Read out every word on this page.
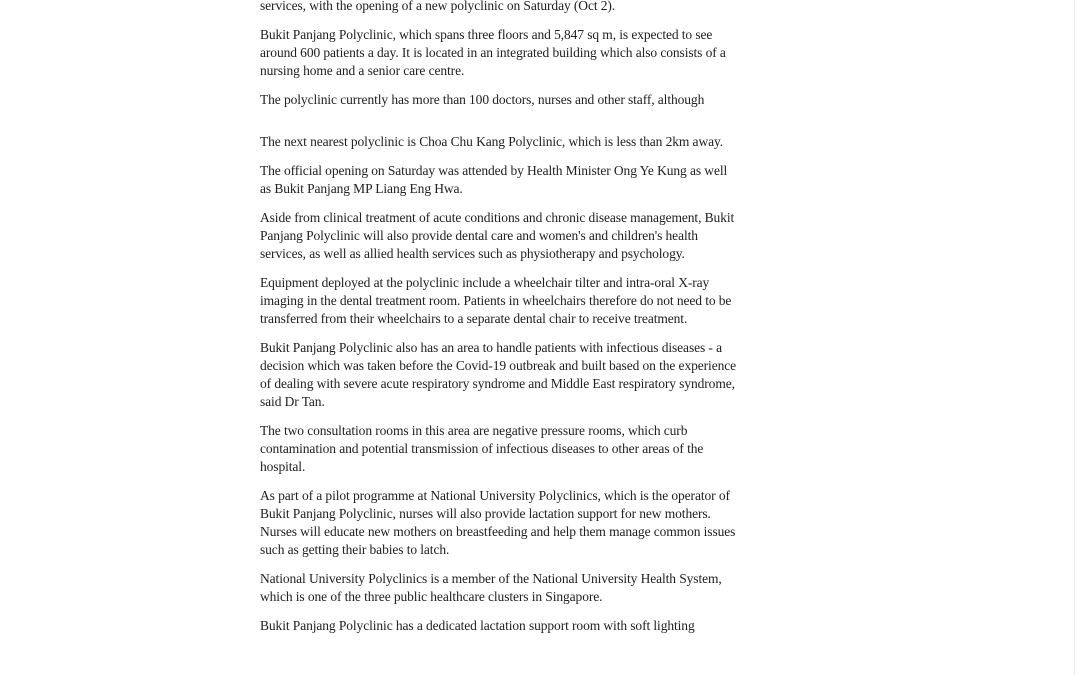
services, with the opening of a new polyclinic on Saturday (Oct 2).

Bukit Panjang Polyclinic, which spans three floors and 5,847 sq m, is expected to see around 600 patients a day. It is located in an integrated building which also consists of a nursing home and a senior care centre.

The polyclinic currently has more than 100 doctors, nurses and other staff, although

The next nearest polyclinic is Choa Chu Kang Polyclinic, which is less than 2km away.

The official opening on Saturday was attended by Health Minister Ong Ye Kung as well as Bukit Panjang MP Liang Eng Hwa.

Aside from clinical treatment of acute conditions and chronic disease management, Bukit Panjang Polyclinic will also provide dental care and women's and children's health services, as well as allied health services such as physiotherapy and psychology.

Equipment deployed at the polyclinic include a wheelchair tilter and intra-oral X-ray imaging in the dental treatment room. Patients in wheelchairs therefore do not need to be transferred from their wheelchairs to a separate dental chair to receive treatment.

Bukit Panjang Polyclinic also has an area to handle patients with infectious diseases - a decision which was taken before the Covid-19 outbreak and built based on the experience of dealing with severe acute respiratory syndrome and Middle East respiratory syndrome, said Dr Tan.

The two consultation rooms in this area are negative pressure rooms, which curb contamination and potential transmission of infectious diseases to other areas of the hospital.

As part of a pilot programme at National University Polyclinics, which is the operator of Bukit Panjang Polyclinic, nurses will also provide lactation support for new mothers. Nurses will educate new mothers on breastfeeding and help them manage common issues such as getting their babies to latch.

National University Polyclinics is a member of the National University Health System, which is one of the three public healthcare clusters in Singapore.

Bukit Panjang Polyclinic has a dedicated lactation support room with soft lighting
